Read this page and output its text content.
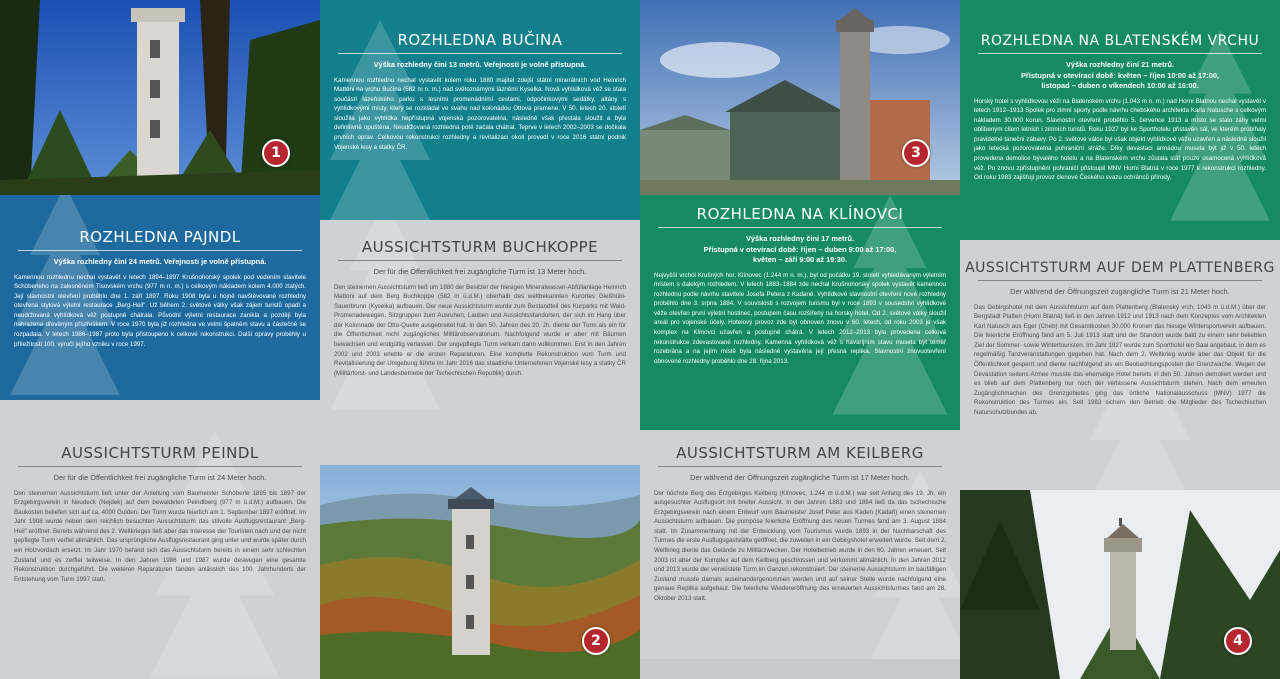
1
ROZHLEDNA PAJNDL
Výška rozhledny činí 24 metrů. Veřejnosti je volně přístupná.
Kamennou rozhlednu nechal vystavět v letech 1894–1897 Krušnohorský spolek pod vedením stavitele Schöberleho na zalesněném Tisovském vrchu (977 m n. m.) s celkovým nákladem kolem 4.000 zlatých. Její slavnostní otevření proběhlo dne 1. září 1897. Roku 1908 byla u hojně navštěvované rozhledny otevřena stylová výletní restaurace „Berg-Heil". Už během 2. světové války však zájem turistů opadl a neudržovaná vyhlídková věž postupně chátrala. Původní výletní restaurace zanikla a později byla nahrazena dřevěným přístřeškem. V roce 1970 byla již rozhledna ve velmi špatném stavu a částečně se rozpadala. V letech 1986–1987 proto byla přistoupeno k celkové rekonstrukci. Další opravy proběhly u příležitosti 100. výročí jejího vzniku v roce 1997.
AUSSICHTSTURM PEINDL
Der für die Öffentlichkeit frei zugängliche Turm ist 24 Meter hoch.
Den steinernen Aussichtsturm ließ unter der Anleitung vom Baumeister Schöberle 1895 bis 1897 der Erzgebirgsverein in Neudeck (Nejdek) auf dem bewaldeten Peindlberg (977 m ü.d.M.) aufbauen. Die Baukosten beliefen sich auf ca. 4000 Gulden. Der Turm wurde feierlich am 1. September 1897 eröffnet. Im Jahr 1908 wurde neben dem reichlich besuchten Aussichtsturm das stilvolle Ausflugsrestaurant „Berg-Heil" eröffnet. Bereits während des 2. Weltkrieges ließ aber das Interesse der Touristen nach und der nicht gepflegte Turm verfiel allmählich. Das ursprüngliche Ausflugsrestaurant ging unter und wurde später durch ein Holzvordach ersetzt. Im Jahr 1970 befand sich das Aussichtsturm bereits in einem sehr schlechten Zustand und es zerfiel teilweise. In den Jahren 1986 und 1987 wurde deswegen eine gesamte Rekonstruktion durchgeführt. Die weiteren Reparaturen fanden anlässlich des 100. Jahrhunderts der Entstehung vom Turm 1997 statt.
ROZHLEDNA BUČINA
Výška rozhledny činí 13 metrů. Veřejnosti je volně přístupná.
Kamennou rozhlednu nechal vystavět kolem roku 1880 majitel zdejší státní minerálních vod Heinrich Mattoni na vrchu Bučina (582 m n. m.) nad světoznámými lázněmi Kyselka. Nová vyhlídková věž se stala součástí lázeňského parku s lesními promenádními cestami, odpočinkovými sedátky, altány s vyhlídkovými místy, který se rozkládal ve svahu nad kolonádou Ottova pramene. V 50. letech 20. století sloužila jako vyhlídka nepřístupná vojenská pozorovatelna, následně však přestala sloužit a byla definitivně opuštěna. Neudržovaná rozhledna poté začala chátrat. Teprve v letech 2002–2003 se dočkala prvních oprav. Celkovou rekonstrukci rozhledny a revitalizaci okolí provedl v roce 2016 státní podnik Vojenské lesy a statky ČR.
AUSSICHTSTURM BUCHKOPPE
Der für die Öffentlichkeit frei zugängliche Turm ist 13 Meter hoch.
Den steinernen Aussichtsturm ließ um 1880 der Besitzer der hiesigen Mineralwasser-Abfüllanlage Heinrich Mattoni auf dem Berg Buchkoppe (582 m ü.d.M.) oberhalb des weltbekannten Kurortes Gießhübl-Sauerbrunn (Kyselka) aufbauen. Der neue Aussichtsturm wurde zum Bestandteil des Kurparks mit Wald-Promenadewegen, Sitzgruppen zum Ausruhen, Lauben und Aussichtsstandorten, der sich im Hang über der Kolonnade der Otto-Quelle ausgebreitet hat. In den 50. Jahren des 20. Jh. diente der Turm als ein für die Öffentlichkeit nicht zugängliches Militärobservatorium. Nachfolgend wurde er aber mit Bäumen bewachsen und endgültig verlassen. Der ungepflegte Turm verkam dann vollkommen. Erst in den Jahren 2002 und 2003 erlebte er die ersten Reparaturen. Eine komplette Rekonstruktion vom Turm und Revitalisierung der Umgebung führte im Jahr 2016 das staatliche Unternehmen Vojenské lesy a statky ČR (Militärforst- und Landesbetriebe der Tschechischen Republik) durch.
2
3
ROZHLEDNA NA KLÍNOVCI
Výška rozhledny činí 17 metrů.
Přístupná v otevírací době: říjen – duben 9:00 až 17:00,
květen – září 9:00 až 19:30.
Nejvyšší vrchol Krušných hor, Klínovec (1.244 m n. m.), byl od počátku 19. století vyhledávaným výletním místem s dalekým rozhledem. V letech 1883–1884 zde nechal Krušnohorský spolek vystavět kamennou rozhlednu podle návrhu stavitele Josefa Petera z Kadaně. Vyhlídkové slavnostní otevření nové rozhledny proběhlo dne 3. srpna 1884. V souvislosti s rozvojem turismu byl v roce 1893 v sousedství vyhlídkové věže otevřen první výletní hostinec, postupem času rozšířený na horský hotel. Od 2. světové války sloužil areál pro vojenské účely. Hotelový provoz zde byl obnoven znovu v 60. letech, od roku 2003 je však komplex na Klínovci uzavřen a postupně chátrá. V letech 2012–2013 byla provedena celková rekonstrukce zdevastované rozhledny. Kamenná vyhlídková věž s havarijním stavu musela být téměř rozebrána a na jejím místě byla následně vystavěna její přesná replika. Slavnostní znovuotevření obnovené rozhledny proběhlo dne 28. října 2013.
AUSSICHTSTURM AM KEILBERG
Der während der Öffnungszeit zugängliche Turm ist 17 Meter hoch.
Der höchste Berg des Erzgebirges Keilberg (Klínovec, 1.244 m ü.d.M.) war seit Anfang des 19. Jh. ein ausgesuchter Ausflugsort mit breiter Aussicht. In den Jahren 1883 und 1884 ließ da das tschechische Erzgebirgsverein nach einem Entwurf vom Baumeister Josef Peter aus Kaden (Kadaň) einen steinernen Aussichtsturm aufbauen. Die pompöse feierliche Eröffnung des neuen Turmes fand am 3. August 1884 statt. Im Zusammenhang mit der Entwicklung vom Tourismus wurde 1893 in der Nachbarschaft des Turmes die erste Ausflugsgaststätte geöffnet, die zuweilen in ein Gebirgshotel erweitert wurde. Seit dem 2. Weltkrieg diente das Gelände zu Militärzwecken. Der Hotelbetrieb wurde in den 60. Jahren erneuert. Seit 2003 ist aber der Komplex auf dem Keilberg geschlossen und verkommt allmählich. In den Jahren 2012 und 2013 wurde der verwüstete Turm im Ganzen rekonstruiert. Der steinerne Aussichtsturm im baufälligen Zustand musste damals auseinandergenommen werden und auf seiner Stelle wurde nachfolgend eine genaue Replika aufgebaut. Die feierliche Wiedereröffnung des erneuerten Aussichtsturmes fand am 28. Oktober 2013 statt.
ROZHLEDNA NA BLATENSKÉM VRCHU
Výška rozhledny činí 21 metrů.
Přístupná v otevírací době: květen – říjen 10:00 až 17:00,
listopad – duben o víkendech 10:00 až 16:00.
Horský hotel s vyhlídkovou věží na Blatenském vrchu (1.043 m n. m.) nad Horní Blatnou nechal vystavět v letech 1912–1913 Spolek pro zimní sporty podle návrhu chebského architekta Karla Natusche s celkovým nákladem 30.000 korun. Slavnostní otevření proběhlo 5. července 1913 a místo se stalo záhy velmi oblíbeným cílem letních i zimních turistů. Roku 1927 byl ke Sporthotelu přistavěn sál, ve kterém probíhaly pravidelné taneční zábavy. Po 2. světové válce byl však objekt vyhlídkové věže uzavřen a následně sloužil jako letecká pozorovatelna pohraniční stráže. Díky devastaci armádou musela být již v 50. letech provedena demolice bývalého hotelu a na Blatenském vrchu zůstala stát pouze osamocená vyhlídková věž. Po znovu zpřístupnění pohraničí přistoupil MNV Horní Blatná v roce 1977 k rekonstrukci rozhledny. Od roku 1983 zajišťují provoz členové Českého svazu ochránců přírody.
AUSSICHTSTURM AUF DEM PLATTENBERG
Der während der Öffnungszeit zugängliche Turm ist 21 Meter hoch.
Das Gebirgshotel mit dem Aussichtsturm auf dem Plattenberg (Blatenský vrch, 1043 m ü.d.M.) über der Bergstadt Platten (Horní Blatná) ließ in den Jahren 1912 und 1913 nach dem Konzeptes vom Architekten Karl Natusch aus Eger (Cheb) mit Gesamtkosten 30.000 Kronen das hiesige Wintersportverein aufbauen. Die feierliche Eröffnung fand am 5. Juli 1913 statt und der Standort wurde bald zu einem sehr beliebten Ziel der Sommer- sowie Wintertouristen. Im Jahr 1927 wurde zum Sporthotel ein Saal angebaut, in dem es regelmäßig Tanzveranstaltungen gegeben hat. Nach dem 2. Weltkrieg wurde aber das Objekt für die Öffentlichkeit gesperrt und diente nachfolgend als ein Beobachtungsposten der Grenzwache. Wegen der Devastation seitens Armee musste das ehemalige Hotel bereits in den 50. Jahren demoliert werden und es blieb auf dem Plattenberg nur noch der verlassene Aussichtsturm stehen. Nach dem erneuten Zugänglichmachen des Grenzgebietes ging das örtliche Nationalausschuss (MNV) 1977 die Rekonstruktion des Turmes ein. Seit 1983 sichern den Betrieb die Mitglieder des Tschechischen Naturschutzbundes ab.
4
